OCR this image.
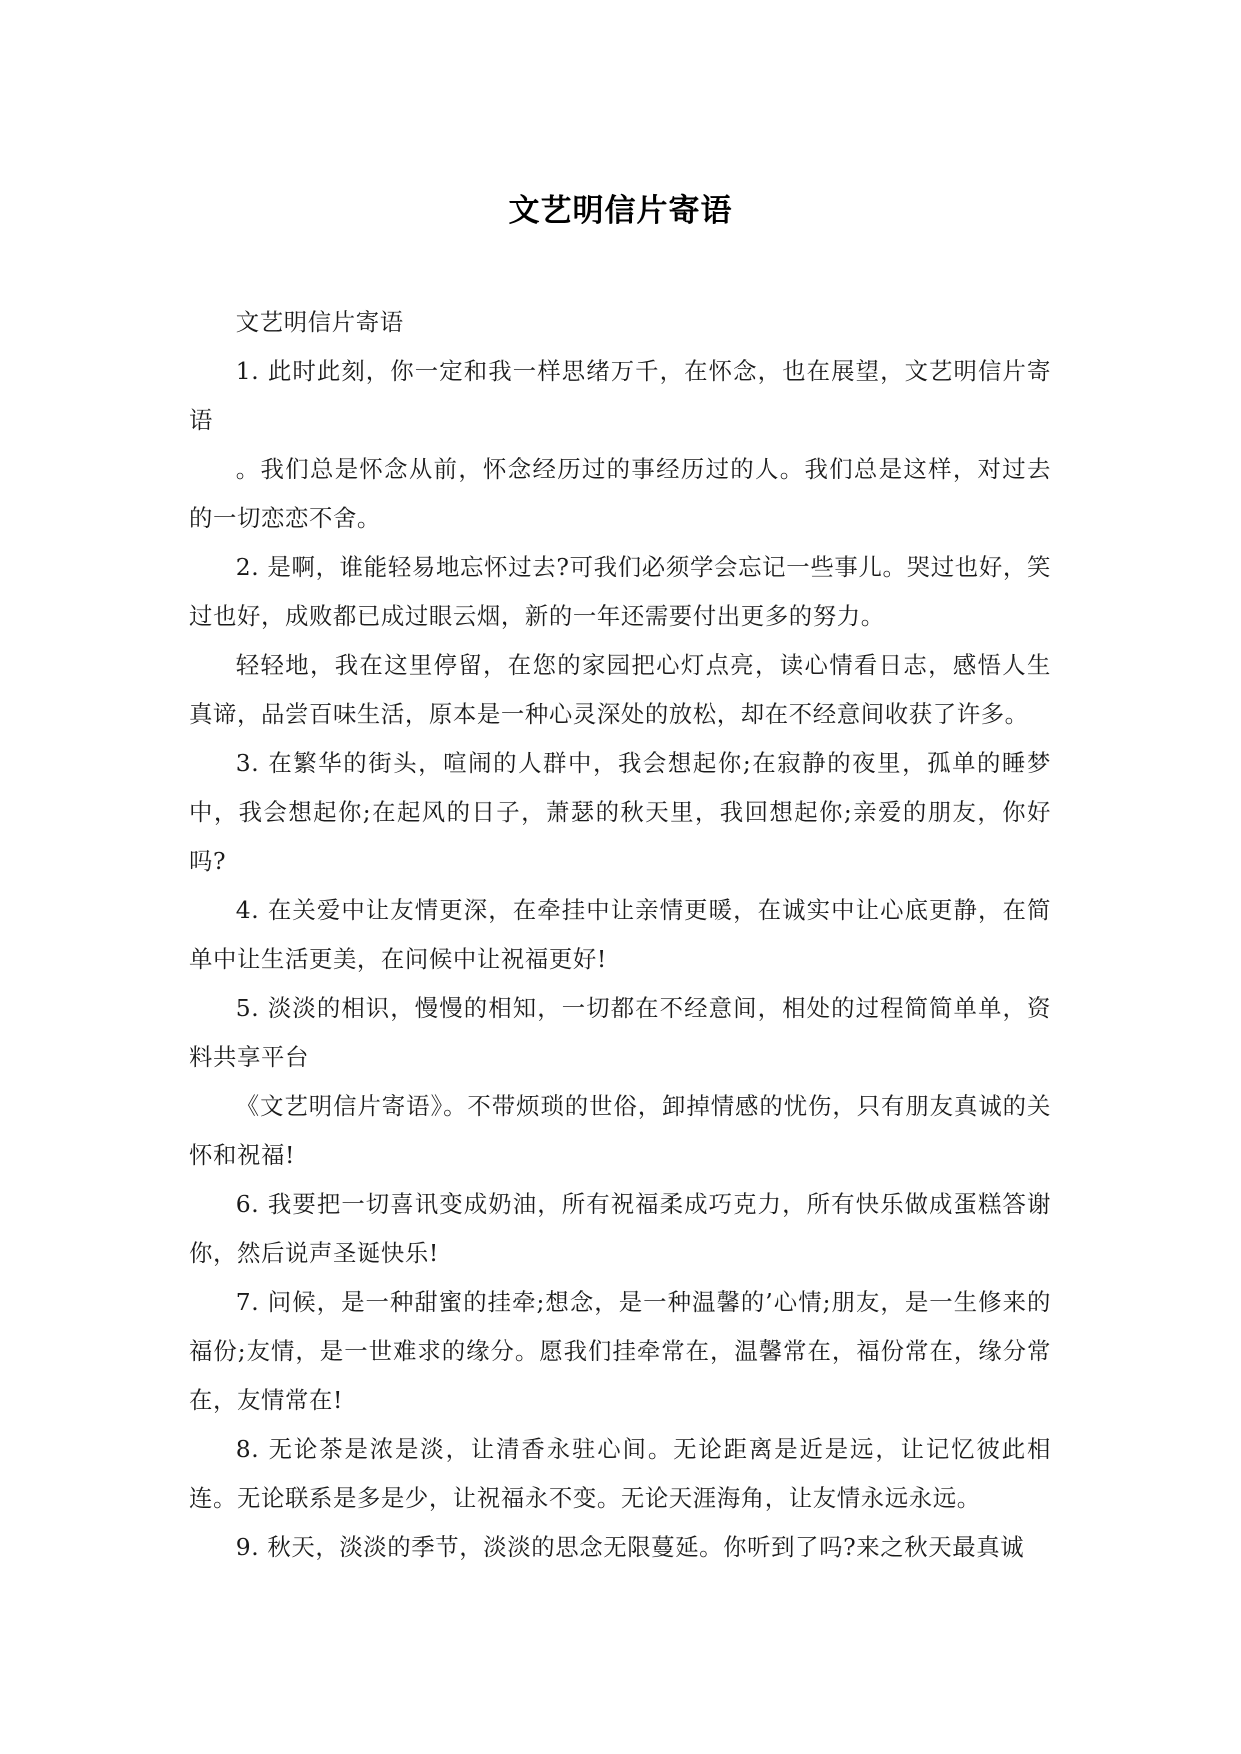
文艺明信片寄语

文艺明信片寄语

1. 此时此刻，你一定和我一样思绪万千，在怀念，也在展望，文艺明信片寄语

。我们总是怀念从前，怀念经历过的事经历过的人。我们总是这样，对过去的一切恋恋不舍。

2. 是啊，谁能轻易地忘怀过去?可我们必须学会忘记一些事儿。哭过也好，笑过也好，成败都已成过眼云烟，新的一年还需要付出更多的努力。

轻轻地，我在这里停留，在您的家园把心灯点亮，读心情看日志，感悟人生真谛，品尝百味生活，原本是一种心灵深处的放松，却在不经意间收获了许多。

3. 在繁华的街头，喧闹的人群中，我会想起你;在寂静的夜里，孤单的睡梦中，我会想起你;在起风的日子，萧瑟的秋天里，我回想起你;亲爱的朋友，你好吗?

4. 在关爱中让友情更深，在牵挂中让亲情更暖，在诚实中让心底更静，在简单中让生活更美，在问候中让祝福更好!

5. 淡淡的相识，慢慢的相知，一切都在不经意间，相处的过程简简单单，资料共享平台

《文艺明信片寄语》。不带烦琐的世俗，卸掉情感的忧伤，只有朋友真诚的关怀和祝福!

6. 我要把一切喜讯变成奶油，所有祝福柔成巧克力，所有快乐做成蛋糕答谢你，然后说声圣诞快乐!

7. 问候，是一种甜蜜的挂牵;想念，是一种温馨的’心情;朋友，是一生修来的福份;友情，是一世难求的缘分。愿我们挂牵常在，温馨常在，福份常在，缘分常在，友情常在!

8. 无论茶是浓是淡，让清香永驻心间。无论距离是近是远，让记忆彼此相连。无论联系是多是少，让祝福永不变。无论天涯海角，让友情永远永远。

9. 秋天，淡淡的季节，淡淡的思念无限蔓延。你听到了吗?来之秋天最真诚
